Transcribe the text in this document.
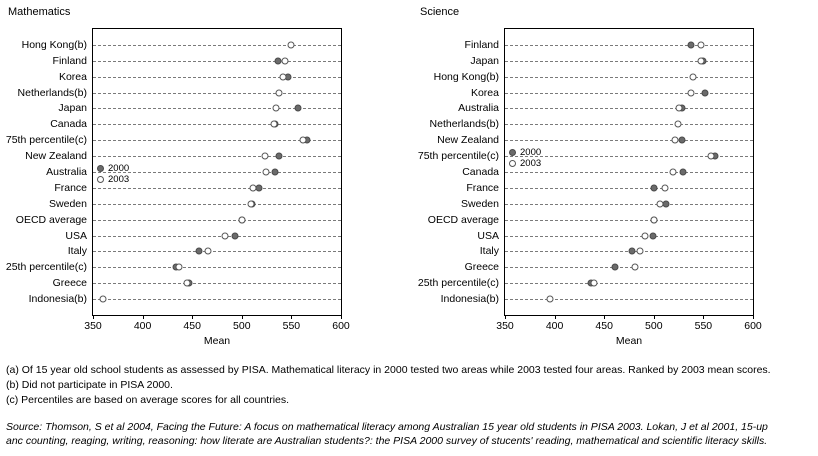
Mathematics
Hong Kong(b)
Finland
Korea
Netherlands(b)
Japan
Canada
75th percentile(c)
New Zealand
Australia
France
Sweden
OECD average
USA
Italy
25th percentile(c)
Greece
Indonesia(b)
350	400	450	500	550	600
Mean
2000
2003
Science
Finland
Japan
Hong Kong(b)
Korea
Australia
Netherlands(b)
New Zealand
75th percentile(c)
Canada
France
Sweden
OECD average
USA
Italy
Greece
25th percentile(c)
Indonesia(b)
350	400	450	500	550	600
Mean
2000
2003
(a) Of 15 year old school students as assessed by PISA. Mathematical literacy in 2000 tested two areas while 2003 tested four areas. Ranked by 2003 mean scores.
(b) Did not participate in PISA 2000.
(c) Percentiles are based on average scores for all countries.
Source: Thomson, S et al 2004, Facing the Future: A focus on mathematical literacy among Australian 15 year old students in PISA 2003. Lokan, J et al 2001, 15-up
anc counting, reaging, writing, reasoning: how literate are Australian students?: the PISA 2000 survey of stucents' reading, mathematical and scientific literacy skills.
